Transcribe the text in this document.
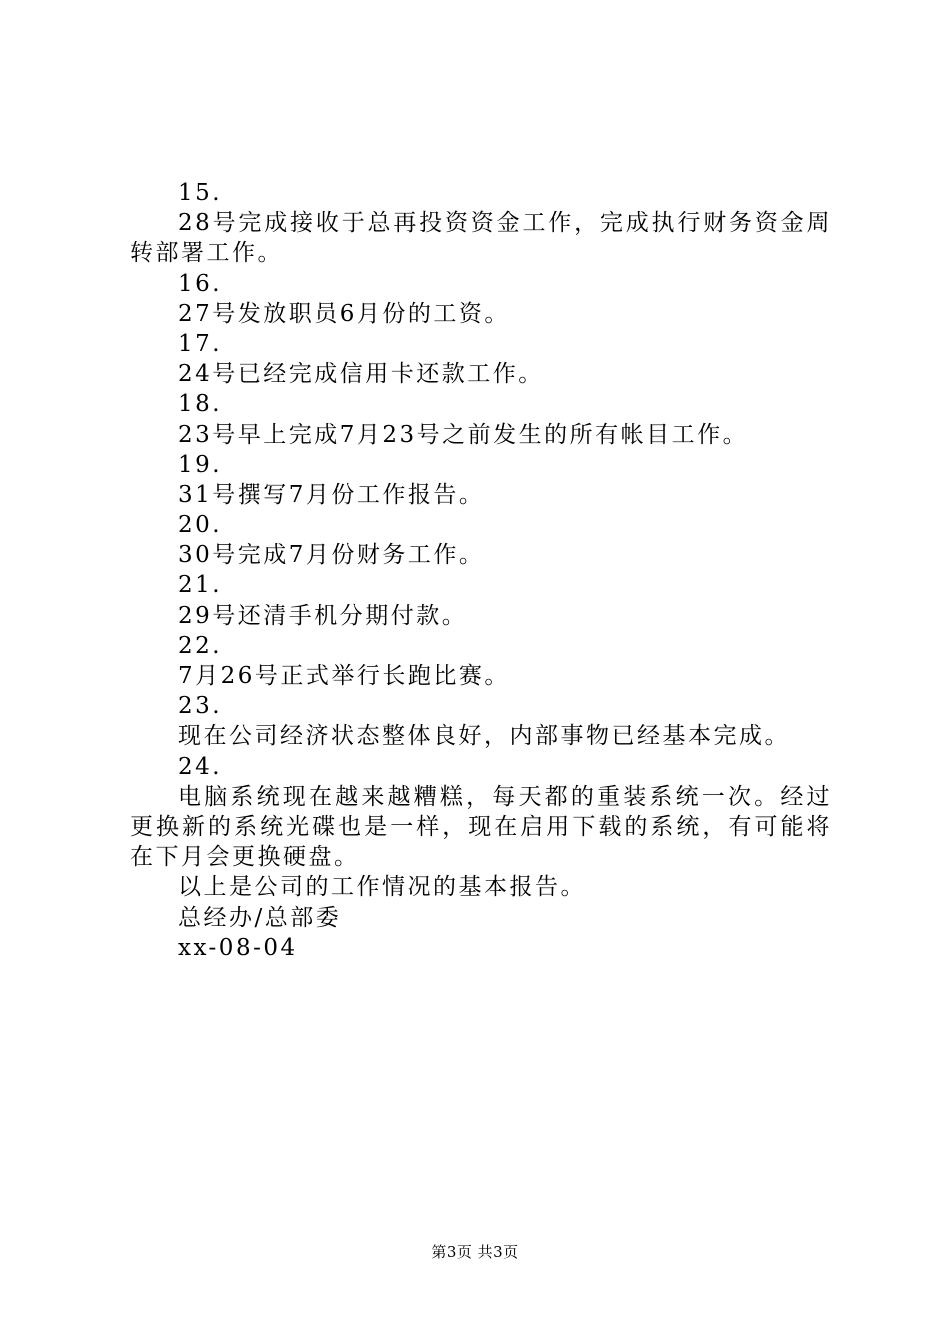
15.
28号完成接收于总再投资资金工作，完成执行财务资金周转部署工作。
16.
27号发放职员6月份的工资。
17.
24号已经完成信用卡还款工作。
18.
23号早上完成7月23号之前发生的所有帐目工作。
19.
31号撰写7月份工作报告。
20.
30号完成7月份财务工作。
21.
29号还清手机分期付款。
22.
7月26号正式举行长跑比赛。
23.
现在公司经济状态整体良好，内部事物已经基本完成。
24.
电脑系统现在越来越糟糕，每天都的重装系统一次。经过更换新的系统光碟也是一样，现在启用下载的系统，有可能将在下月会更换硬盘。
以上是公司的工作情况的基本报告。
总经办/总部委
xx-08-04
第3页 共3页
